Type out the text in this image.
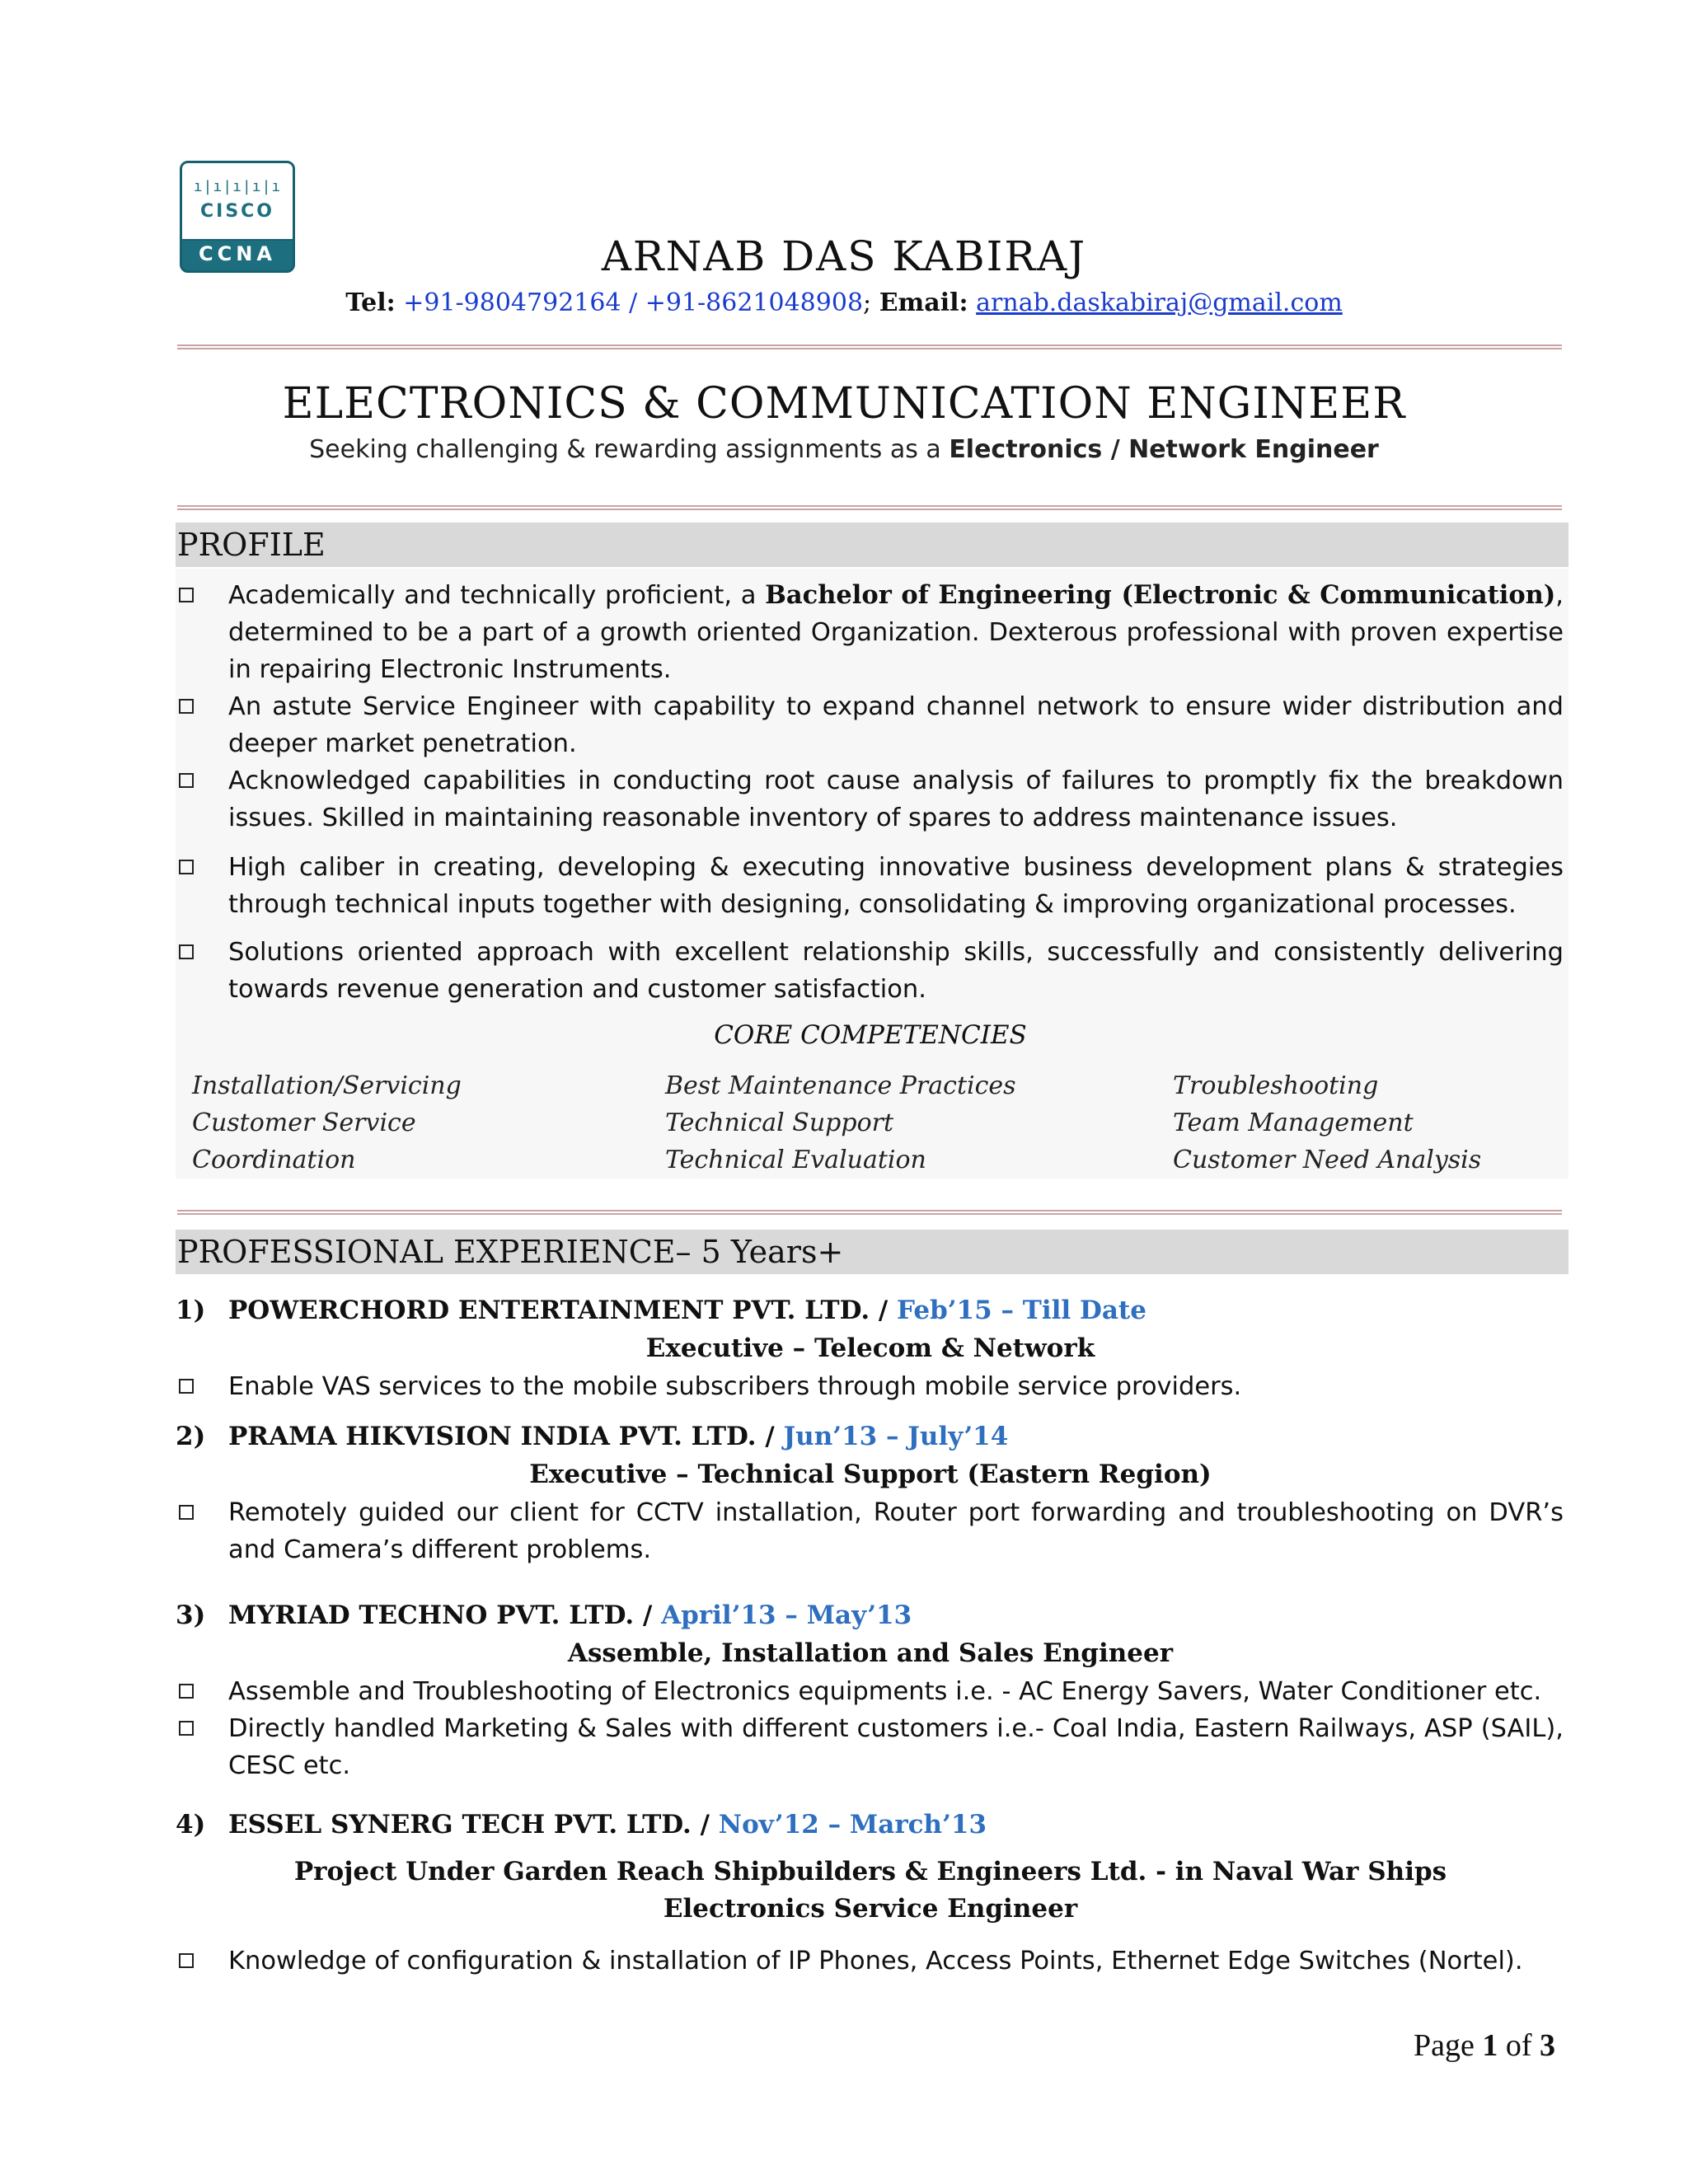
ı|ı|ı|ı|ı
CISCO
CCNA	ARNAB DAS KABIRAJ
Tel: +91-9804792164 / +91-8621048908; Email: arnab.daskabiraj@gmail.com
ELECTRONICS & COMMUNICATION ENGINEER
Seeking challenging & rewarding assignments as a Electronics / Network Engineer
PROFILE
Academically and technically proficient, a Bachelor of Engineering (Electronic & Communication), determined to be a part of a growth oriented Organization. Dexterous professional with proven expertise in repairing Electronic Instruments.
An astute Service Engineer with capability to expand channel network to ensure wider distribution and deeper market penetration.
Acknowledged capabilities in conducting root cause analysis of failures to promptly fix the breakdown issues. Skilled in maintaining reasonable inventory of spares to address maintenance issues.
High caliber in creating, developing & executing innovative business development plans & strategies through technical inputs together with designing, consolidating & improving organizational processes.
Solutions oriented approach with excellent relationship skills, successfully and consistently delivering towards revenue generation and customer satisfaction.
CORE COMPETENCIES
Installation/Servicing
Customer Service
Coordination
Best Maintenance Practices
Technical Support
Technical Evaluation
Troubleshooting
Team Management
Customer Need Analysis
PROFESSIONAL EXPERIENCE– 5 Years+
1) POWERCHORD ENTERTAINMENT PVT. LTD. / Feb’15 – Till Date
Executive – Telecom & Network
Enable VAS services to the mobile subscribers through mobile service providers.
2) PRAMA HIKVISION INDIA PVT. LTD. / Jun’13 – July’14
Executive – Technical Support (Eastern Region)
Remotely guided our client for CCTV installation, Router port forwarding and troubleshooting on DVR’s and Camera’s different problems.
3) MYRIAD TECHNO PVT. LTD. / April’13 – May’13
Assemble, Installation and Sales Engineer
Assemble and Troubleshooting of Electronics equipments i.e. - AC Energy Savers, Water Conditioner etc.
Directly handled Marketing & Sales with different customers i.e.- Coal India, Eastern Railways, ASP (SAIL), CESC etc.
4) ESSEL SYNERG TECH PVT. LTD. / Nov’12 – March’13
Project Under Garden Reach Shipbuilders & Engineers Ltd. - in Naval War Ships
Electronics Service Engineer
Knowledge of configuration & installation of IP Phones, Access Points, Ethernet Edge Switches (Nortel).
Page 1 of 3
